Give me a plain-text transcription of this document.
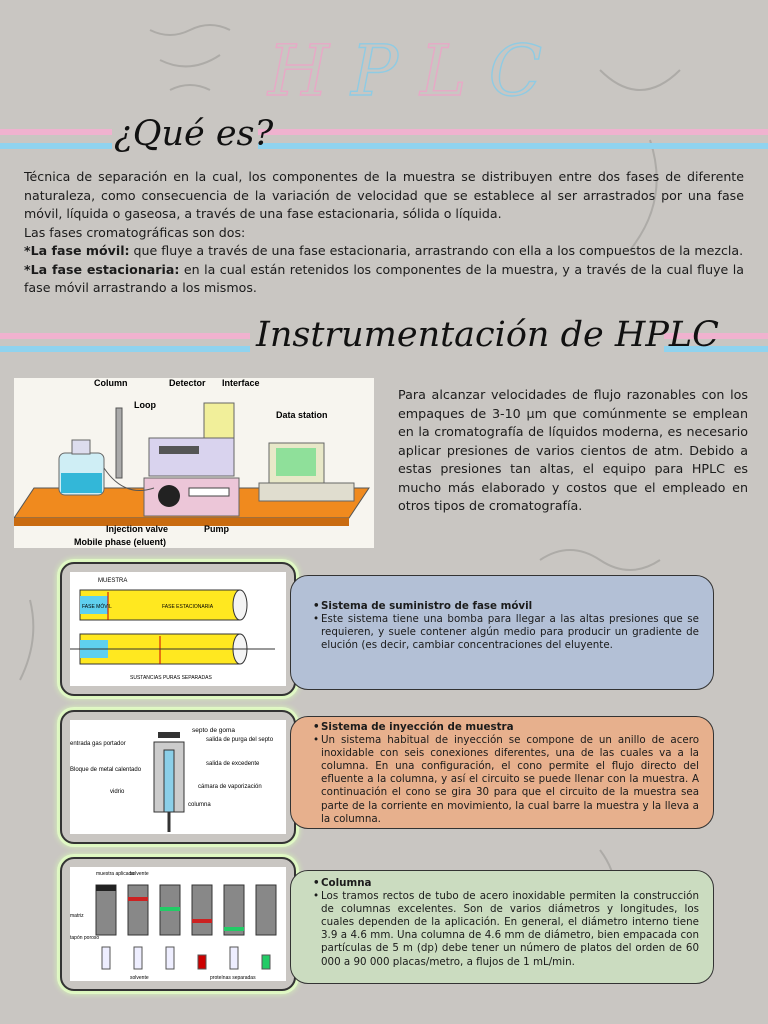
HPLC
¿Qué es?

Técnica de separación en la cual, los componentes de la muestra se distribuyen entre dos fases de diferente naturaleza, como consecuencia de la variación de velocidad que se establece al ser arrastrados por una fase móvil, líquida o gaseosa, a través de una fase estacionaria, sólida o líquida.

Las fases cromatográficas son dos:

*La fase móvil: que fluye a través de una fase estacionaria, arrastrando con ella a los compuestos de la mezcla.

*La fase estacionaria: en la cual están retenidos los componentes de la muestra, y a través de la cual fluye la fase móvil arrastrando a los mismos.

Instrumentación de HPLC
Column	Detector Interface
Loop
Data station
Injection valve	Pump
Mobile phase (eluent)
Para alcanzar velocidades de flujo razonables con los empaques de 3-10 μm que comúnmente se emplean en la cromatografía de líquidos moderna, es necesario aplicar presiones de varios cientos de atm. Debido a estas presiones tan altas, el equipo para HPLC es mucho más elaborado y costos que el empleado en otros tipos de cromatografía.
MUESTRA
FASE MÓVIL	FASE ESTACIONARIA
SUSTANCIAS PURAS SEPARADAS
• Sistema de suministro de fase móvil
• Este sistema tiene una bomba para llegar a las altas presiones que se requieren, y suele contener algún medio para producir un gradiente de elución (es decir, cambiar concentraciones del eluyente.
septo de goma
salida de purga del septo
entrada gas portador
salida de excedente
Bloque de metal calentado
cámara de vaporización
vidrio
columna
• Sistema de inyección de muestra
• Un sistema habitual de inyección se compone de un anillo de acero inoxidable con seis conexiones diferentes, una de las cuales va a la columna. En una configuración, el cono permite el flujo directo del efluente a la columna, y así el circuito se puede llenar con la muestra. A continuación el cono se gira 30 para que el circuito de la muestra sea parte de la corriente en movimiento, la cual barre la muestra y la lleva a la columna.
muestra aplicada
solvente
matriz
tapón poroso
solvente	proteínas separadas
• Columna
• Los tramos rectos de tubo de acero inoxidable permiten la construcción de columnas excelentes. Son de varios diámetros y longitudes, los cuales dependen de la aplicación. En general, el diámetro interno tiene 3.9 a 4.6 mm. Una columna de 4.6 mm de diámetro, bien empacada con partículas de 5 m (dp) debe tener un número de platos del orden de 60 000 a 90 000 placas/metro, a flujos de 1 mL/min.
